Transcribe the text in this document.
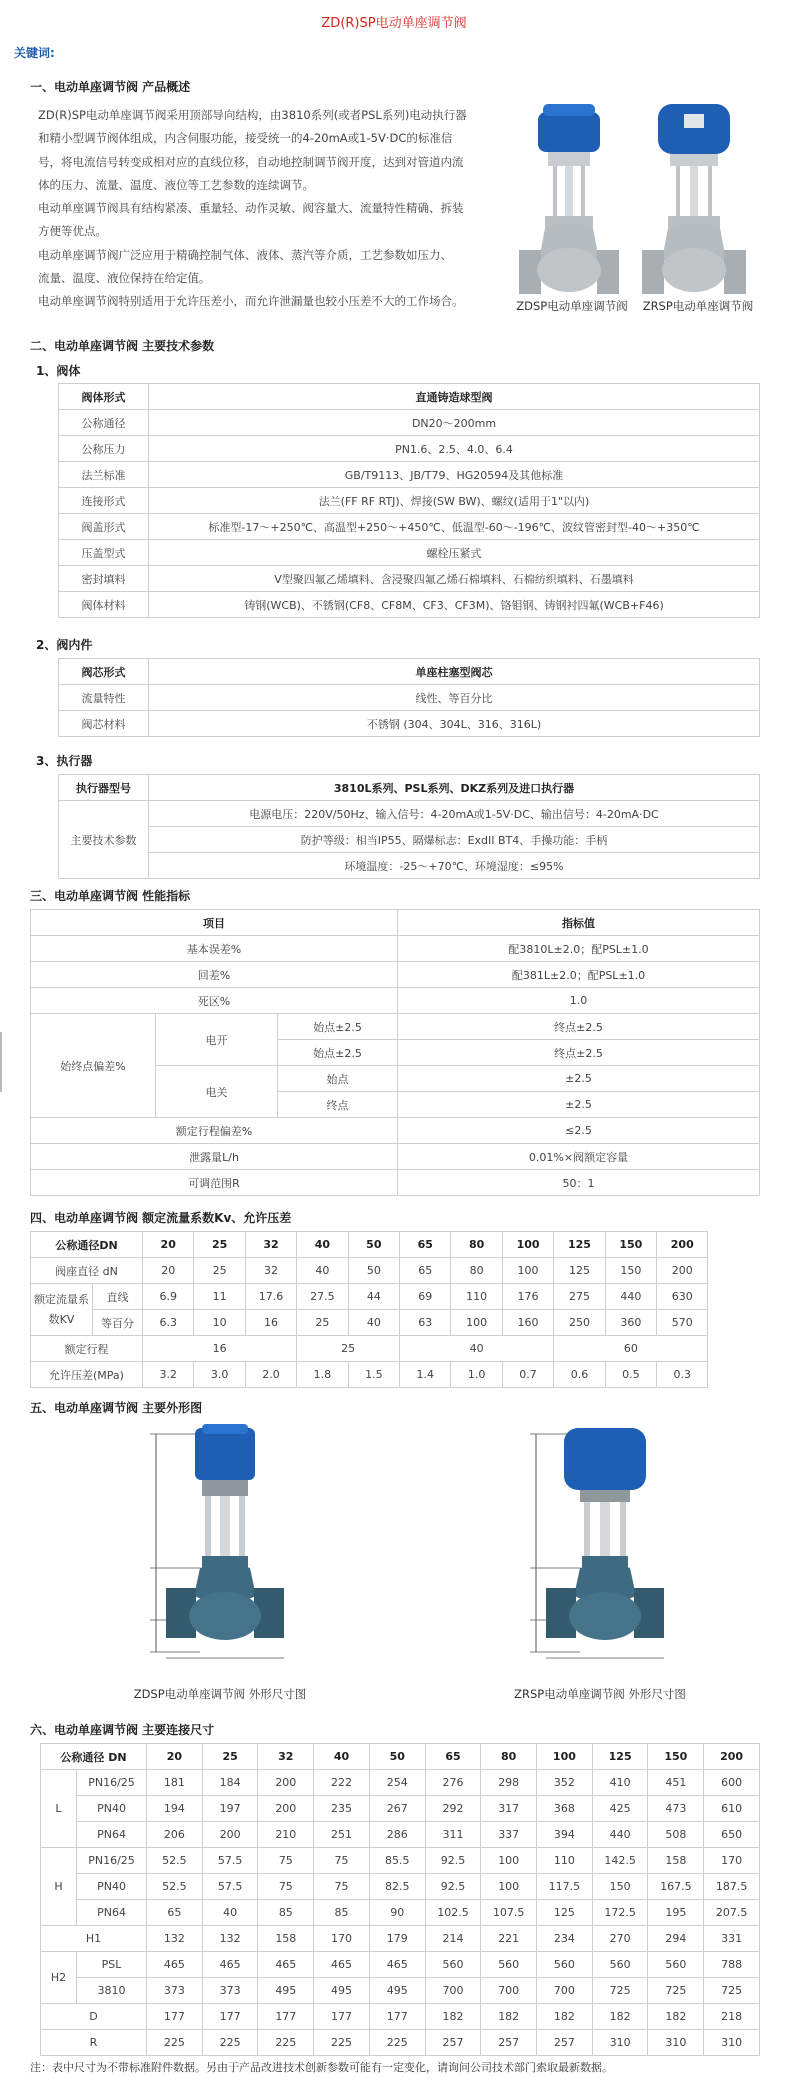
ZD(R)SP电动单座调节阀
关键词:
一、电动单座调节阀 产品概述

ZD(R)SP电动单座调节阀采用顶部导向结构，由3810系列(或者PSL系列)电动执行器

和精小型调节阀体组成，内含伺服功能，接受统一的4-20mA或1-5V·DC的标准信

号，将电流信号转变成相对应的直线位移，自动地控制调节阀开度，达到对管道内流

体的压力、流量、温度、液位等工艺参数的连续调节。

电动单座调节阀具有结构紧凑、重量轻、动作灵敏、阀容量大、流量特性精确、拆装

方便等优点。

电动单座调节阀广泛应用于精确控制气体、液体、蒸汽等介质，工艺参数如压力、

流量、温度、液位保持在给定值。

电动单座调节阀特别适用于允许压差小，而允许泄漏量也较小压差不大的工作场合。	ZDSP电动单座调节阀	ZRSP电动单座调节阀
二、电动单座调节阀 主要技术参数
1、阀体
阀体形式	直通铸造球型阀
公称通径	DN20～200mm
公称压力	PN1.6、2.5、4.0、6.4
法兰标准	GB/T9113、JB/T79、HG20594及其他标准
连接形式	法兰(FF RF RTJ)、焊接(SW BW)、螺纹(适用于1"以内)
阀盖形式	标准型-17～+250℃、高温型+250～+450℃、低温型-60～-196℃、波纹管密封型-40～+350℃
压盖型式	螺栓压紧式
密封填料	V型聚四氟乙烯填料、含浸聚四氟乙烯石棉填料、石棉纺织填料、石墨填料
阀体材料	铸钢(WCB)、不锈钢(CF8、CF8M、CF3、CF3M)、铬钼钢、铸钢衬四氟(WCB+F46)
2、阀内件
阀芯形式	单座柱塞型阀芯
流量特性	线性、等百分比
阀芯材料	不锈钢 (304、304L、316、316L)
3、执行器
执行器型号	3810L系列、PSL系列、DKZ系列及进口执行器
主要技术参数	电源电压：220V/50Hz、输入信号：4-20mA或1-5V·DC、输出信号：4-20mA·DC
	防护等级：相当IP55、隔爆标志：ExdII BT4、手操功能：手柄
	环境温度：-25～+70℃、环境湿度：≤95%
三、电动单座调节阀 性能指标
项目			指标值
基本误差%			配3810L±2.0；配PSL±1.0
回差%			配381L±2.0；配PSL±1.0
死区%			1.0
始终点偏差%	电开	始点±2.5	终点±2.5
		始点±2.5	终点±2.5
	电关	始点	±2.5
		终点	±2.5
额定行程偏差%			≤2.5
泄露量L/h			0.01%×阀额定容量
可调范围R			50：1
四、电动单座调节阀 额定流量系数Kv、允许压差
公称通径DN		20	25	32	40	50	65	80	100	125	150	200
阀座直径 dN		20	25	32	40	50	65	80	100	125	150	200
额定流量系数KV	直线	6.9	11	17.6	27.5	44	69	110	176	275	440	630
	等百分	6.3	10	16	25	40	63	100	160	250	360	570
额定行程		16			25		40			60		
允许压差(MPa)		3.2	3.0	2.0	1.8	1.5	1.4	1.0	0.7	0.6	0.5	0.3
五、电动单座调节阀 主要外形图
ZDSP电动单座调节阀 外形尺寸图	ZRSP电动单座调节阀 外形尺寸图
六、电动单座调节阀 主要连接尺寸
公称通径 DN		20	25	32	40	50	65	80	100	125	150	200
L	PN16/25	181	184	200	222	254	276	298	352	410	451	600
	PN40	194	197	200	235	267	292	317	368	425	473	610
	PN64	206	200	210	251	286	311	337	394	440	508	650
H	PN16/25	52.5	57.5	75	75	85.5	92.5	100	110	142.5	158	170
	PN40	52.5	57.5	75	75	82.5	92.5	100	117.5	150	167.5	187.5
	PN64	65	40	85	85	90	102.5	107.5	125	172.5	195	207.5
H1		132	132	158	170	179	214	221	234	270	294	331
H2	PSL	465	465	465	465	465	560	560	560	560	560	788
	3810	373	373	495	495	495	700	700	700	725	725	725
D		177	177	177	177	177	182	182	182	182	182	218
R		225	225	225	225	225	257	257	257	310	310	310
注：表中尺寸为不带标准附件数据。另由于产品改进技术创新参数可能有一定变化，请询问公司技术部门索取最新数据。
